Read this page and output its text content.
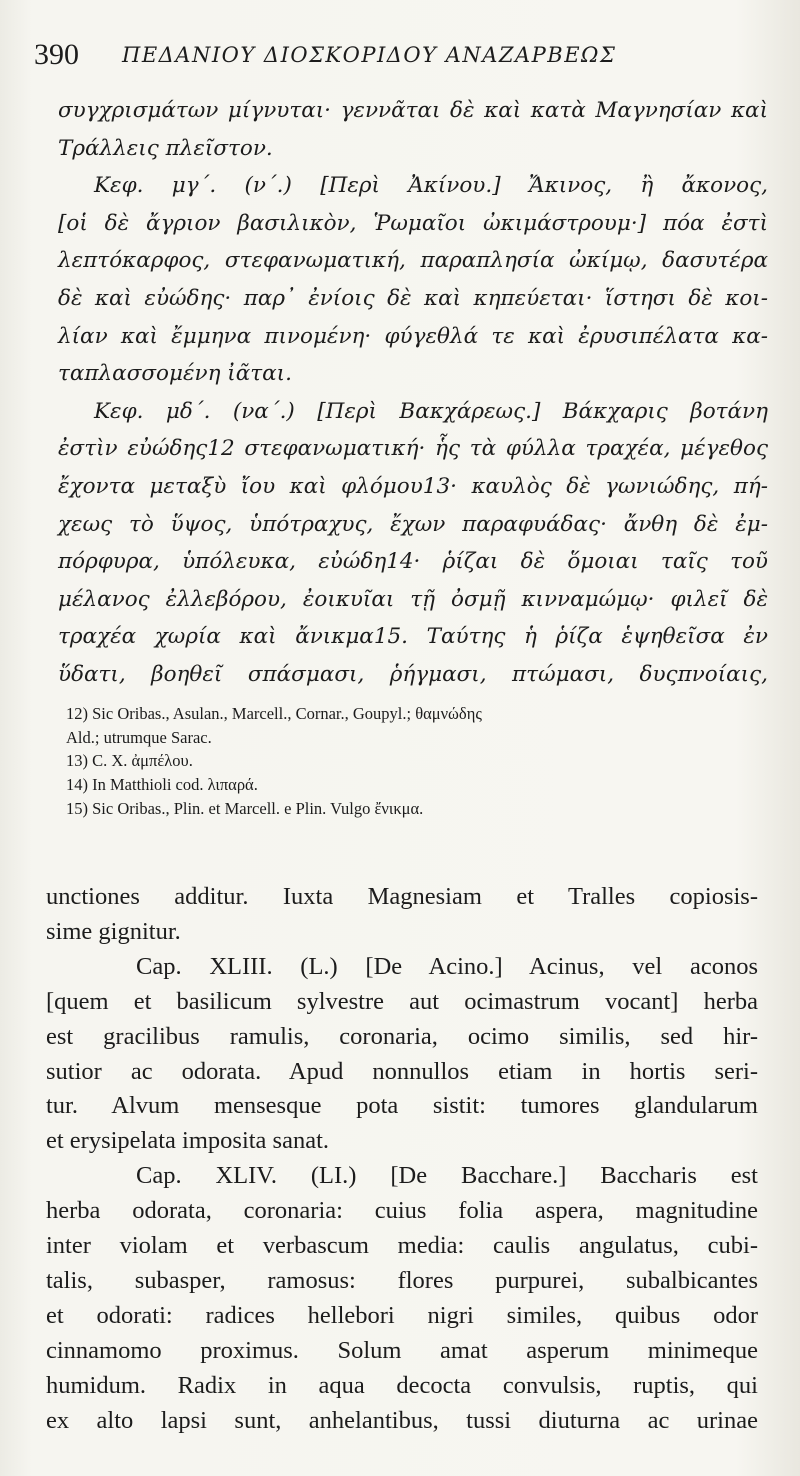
390 ΠΕΔΑΝΙΟΥ ΔΙΟΣΚΟΡΙΔΟΥ ΑΝΑΖΑΡΒΕΩΣ

συγχρισμάτων μίγνυται· γεννᾶται δὲ καὶ κατὰ Μαγνησίαν καὶ

Τράλλεις πλεῖστον.

Κεφ. μγ΄. (ν΄.) [Περὶ Ἀκίνου.] Ἄκινος, ἢ ἄκονος,

[οἱ δὲ ἄγριον βασιλικὸν, Ῥωμαῖοι ὠκιμάστρουμ·] πόα ἐστὶ

λεπτόκαρφος, στεφανωματική, παραπλησία ὠκίμῳ, δασυτέρα

δὲ καὶ εὐώδης· παρ᾽ ἐνίοις δὲ καὶ κηπεύεται· ἵστησι δὲ κοι-

λίαν καὶ ἔμμηνα πινομένη· φύγεθλά τε καὶ ἐρυσιπέλατα κα-

ταπλασσομένη ἰᾶται.

Κεφ. μδ΄. (να΄.) [Περὶ Βακχάρεως.] Βάκχαρις βοτάνη

ἐστὶν εὐώδης12 στεφανωματική· ἧς τὰ φύλλα τραχέα, μέγεθος

ἔχοντα μεταξὺ ἴου καὶ φλόμου13· καυλὸς δὲ γωνιώδης, πή-

χεως τὸ ὕψος, ὑπότραχυς, ἔχων παραφυάδας· ἄνθη δὲ ἐμ-

πόρφυρα, ὑπόλευκα, εὐώδη14· ῥίζαι δὲ ὅμοιαι ταῖς τοῦ

μέλανος ἐλλεβόρου, ἐοικυῖαι τῇ ὀσμῇ κινναμώμῳ· φιλεῖ δὲ

τραχέα χωρία καὶ ἄνικμα15. Ταύτης ἡ ῥίζα ἑψηθεῖσα ἐν

ὕδατι, βοηθεῖ σπάσμασι, ῥήγμασι, πτώμασι, δυςπνοίαις,

12) Sic Oribas., Asulan., Marcell., Cornar., Goupyl.; θαμνώδης

Ald.; utrumque Sarac.

13) C. X. ἀμπέλου.

14) In Matthioli cod. λιπαρά.

15) Sic Oribas., Plin. et Marcell. e Plin. Vulgo ἔνικμα.

unctiones additur. Iuxta Magnesiam et Tralles copiosis-

sime gignitur.

Cap. XLIII. (L.) [De Acino.] Acinus, vel aconos

[quem et basilicum sylvestre aut ocimastrum vocant] herba

est gracilibus ramulis, coronaria, ocimo similis, sed hir-

sutior ac odorata. Apud nonnullos etiam in hortis seri-

tur. Alvum mensesque pota sistit: tumores glandularum

et erysipelata imposita sanat.

Cap. XLIV. (LI.) [De Bacchare.] Baccharis est

herba odorata, coronaria: cuius folia aspera, magnitudine

inter violam et verbascum media: caulis angulatus, cubi-

talis, subasper, ramosus: flores purpurei, subalbicantes

et odorati: radices hellebori nigri similes, quibus odor

cinnamomo proximus. Solum amat asperum minimeque

humidum. Radix in aqua decocta convulsis, ruptis, qui

ex alto lapsi sunt, anhelantibus, tussi diuturna ac urinae
